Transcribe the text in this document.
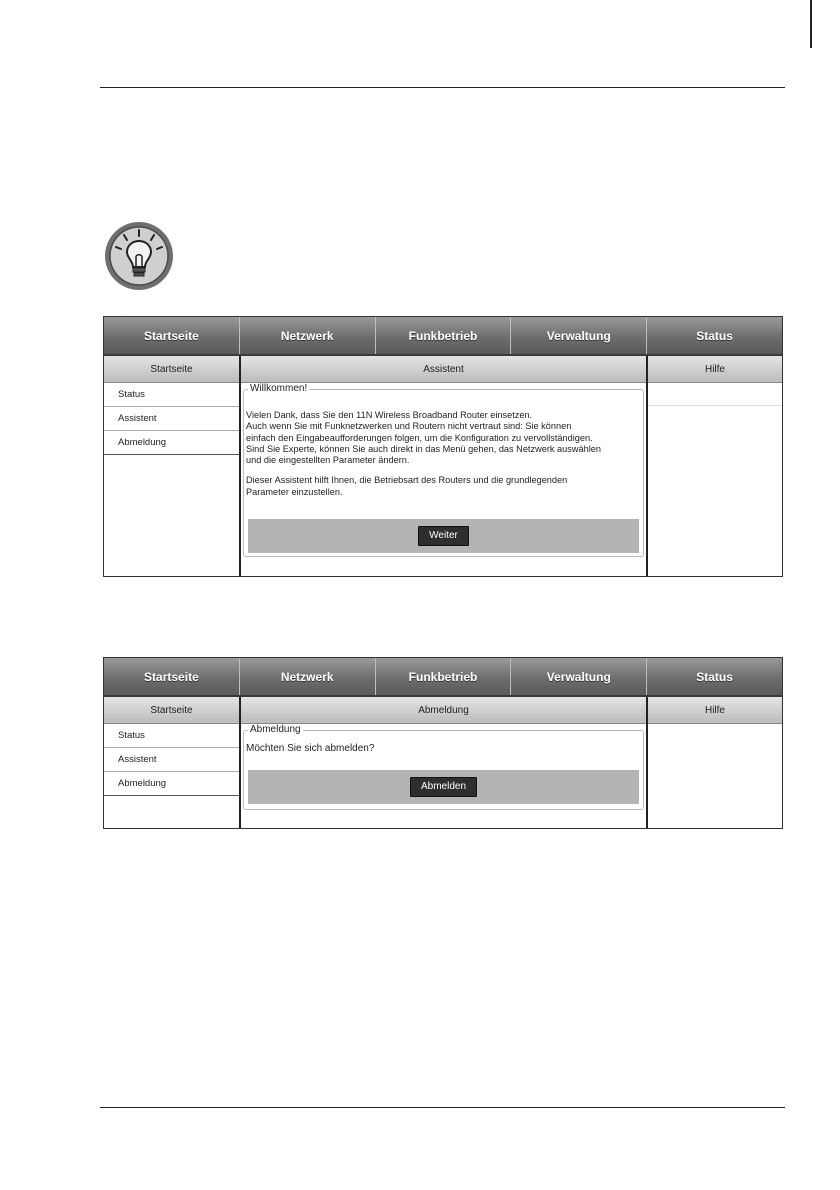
Startseite	Netzwerk	Funkbetrieb	Verwaltung	Status
Startseite
Status
Assistent
Abmeldung
Assistent
Willkommen!
Vielen Dank, dass Sie den 11N Wireless Broadband Router einsetzen.
Auch wenn Sie mit Funknetzwerken und Routern nicht vertraut sind: Sie können
einfach den Eingabeaufforderungen folgen, um die Konfiguration zu vervollständigen.
Sind Sie Experte, können Sie auch direkt in das Menü gehen, das Netzwerk auswählen
und die eingestellten Parameter ändern.
Dieser Assistent hilft Ihnen, die Betriebsart des Routers und die grundlegenden
Parameter einzustellen.
Weiter
Hilfe
Startseite	Netzwerk	Funkbetrieb	Verwaltung	Status
Startseite
Status
Assistent
Abmeldung
Abmeldung
Abmeldung
Möchten Sie sich abmelden?
Abmelden
Hilfe
